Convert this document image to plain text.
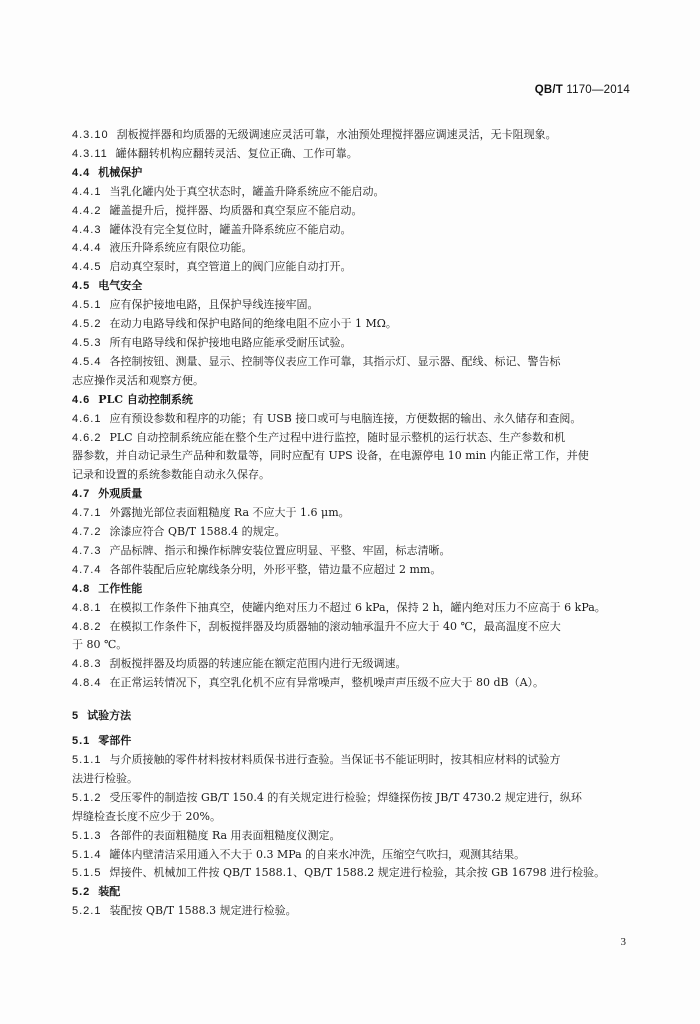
QB/T 1170—2014

4.3.10 刮板搅拌器和均质器的无级调速应灵活可靠，水油预处理搅拌器应调速灵活，无卡阻现象。

4.3.11 罐体翻转机构应翻转灵活、复位正确、工作可靠。

4.4 机械保护

4.4.1 当乳化罐内处于真空状态时，罐盖升降系统应不能启动。

4.4.2 罐盖提升后，搅拌器、均质器和真空泵应不能启动。

4.4.3 罐体没有完全复位时，罐盖升降系统应不能启动。

4.4.4 液压升降系统应有限位功能。

4.4.5 启动真空泵时，真空管道上的阀门应能自动打开。

4.5 电气安全

4.5.1 应有保护接地电路，且保护导线连接牢固。

4.5.2 在动力电路导线和保护电路间的绝缘电阻不应小于 1 MΩ。

4.5.3 所有电路导线和保护接地电路应能承受耐压试验。

4.5.4 各控制按钮、测量、显示、控制等仪表应工作可靠，其指示灯、显示器、配线、标记、警告标

志应操作灵活和观察方便。

4.6 PLC 自动控制系统

4.6.1 应有预设参数和程序的功能；有 USB 接口或可与电脑连接，方便数据的输出、永久储存和查阅。

4.6.2 PLC 自动控制系统应能在整个生产过程中进行监控，随时显示整机的运行状态、生产参数和机

器参数，并自动记录生产品种和数量等，同时应配有 UPS 设备，在电源停电 10 min 内能正常工作，并使

记录和设置的系统参数能自动永久保存。

4.7 外观质量

4.7.1 外露抛光部位表面粗糙度 Ra 不应大于 1.6 μm。

4.7.2 涂漆应符合 QB/T 1588.4 的规定。

4.7.3 产品标牌、指示和操作标牌安装位置应明显、平整、牢固，标志清晰。

4.7.4 各部件装配后应轮廓线条分明，外形平整，错边量不应超过 2 mm。

4.8 工作性能

4.8.1 在模拟工作条件下抽真空，使罐内绝对压力不超过 6 kPa，保持 2 h，罐内绝对压力不应高于 6 kPa。

4.8.2 在模拟工作条件下，刮板搅拌器及均质器轴的滚动轴承温升不应大于 40 ℃，最高温度不应大

于 80 ℃。

4.8.3 刮板搅拌器及均质器的转速应能在额定范围内进行无级调速。

4.8.4 在正常运转情况下，真空乳化机不应有异常噪声，整机噪声声压级不应大于 80 dB（A）。

5 试验方法

5.1 零部件

5.1.1 与介质接触的零件材料按材料质保书进行查验。当保证书不能证明时，按其相应材料的试验方

法进行检验。

5.1.2 受压零件的制造按 GB/T 150.4 的有关规定进行检验；焊缝探伤按 JB/T 4730.2 规定进行，纵环

焊缝检查长度不应少于 20%。

5.1.3 各部件的表面粗糙度 Ra 用表面粗糙度仪测定。

5.1.4 罐体内壁清洁采用通入不大于 0.3 MPa 的自来水冲洗，压缩空气吹扫，观测其结果。

5.1.5 焊接件、机械加工件按 QB/T 1588.1、QB/T 1588.2 规定进行检验，其余按 GB 16798 进行检验。

5.2 装配

5.2.1 装配按 QB/T 1588.3 规定进行检验。

3
